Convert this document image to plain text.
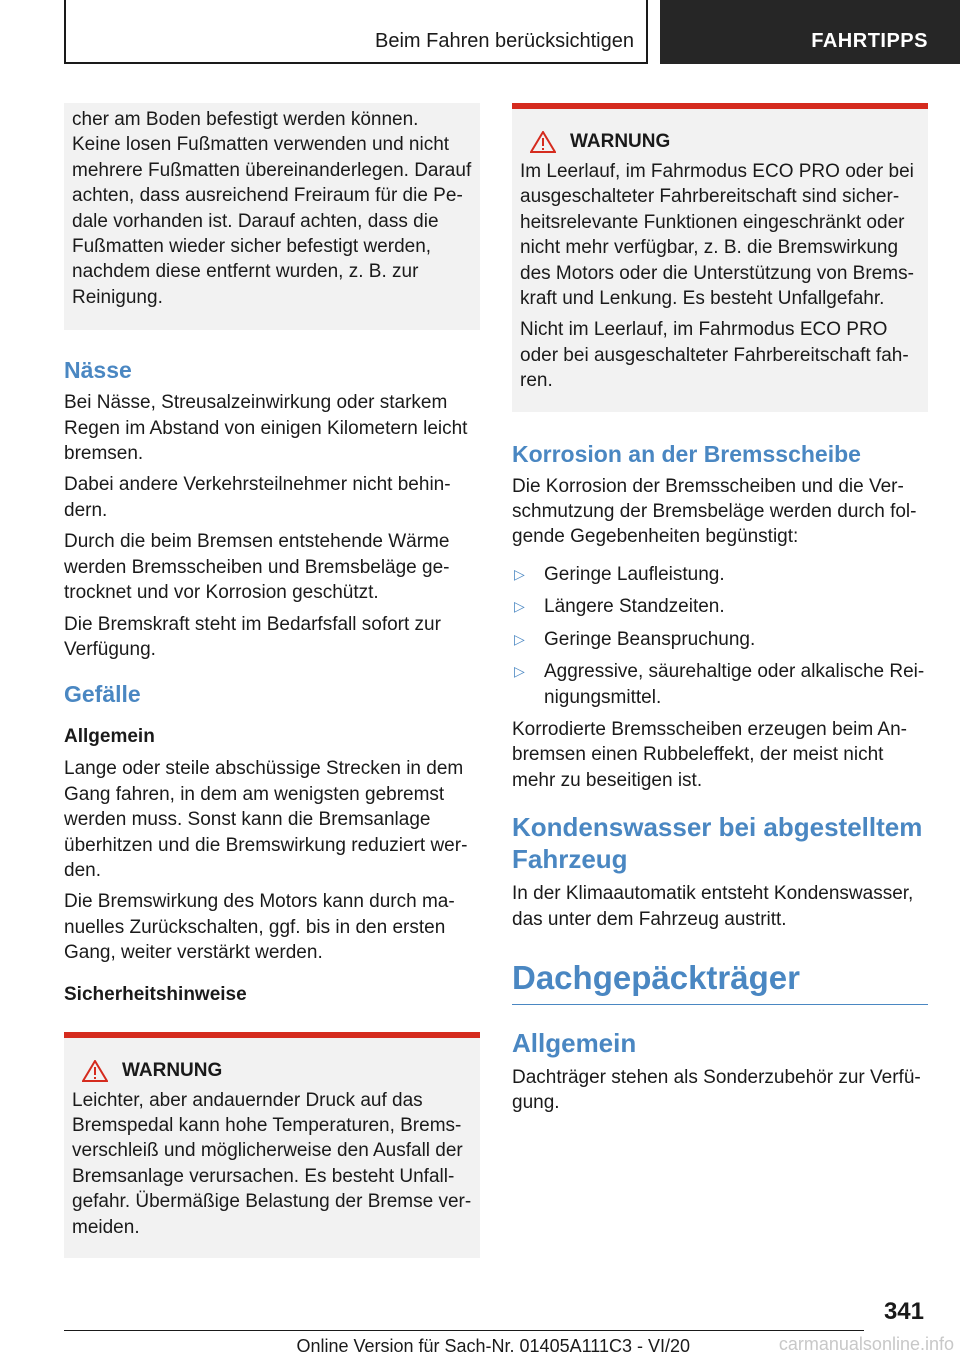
Beim Fahren berücksichtigen	FAHRTIPPS

cher am Boden befestigt werden können. Keine losen Fußmatten verwenden und nicht mehrere Fußmatten übereinanderlegen. Darauf achten, dass ausreichend Freiraum für die Pedale vorhanden ist. Darauf achten, dass die Fußmatten wieder sicher befestigt werden, nachdem diese entfernt wurden, z. B. zur Reinigung.

Nässe

Bei Nässe, Streusalzeinwirkung oder starkem Regen im Abstand von einigen Kilometern leicht bremsen.

Dabei andere Verkehrsteilnehmer nicht behindern.

Durch die beim Bremsen entstehende Wärme werden Bremsscheiben und Bremsbeläge getrocknet und vor Korrosion geschützt.

Die Bremskraft steht im Bedarfsfall sofort zur Verfügung.

Gefälle
Allgemein

Lange oder steile abschüssige Strecken in dem Gang fahren, in dem am wenigsten gebremst werden muss. Sonst kann die Bremsanlage überhitzen und die Bremswirkung reduziert werden.

Die Bremswirkung des Motors kann durch manuelles Zurückschalten, ggf. bis in den ersten Gang, weiter verstärkt werden.

Sicherheitshinweise
WARNUNG

Leichter, aber andauernder Druck auf das Bremspedal kann hohe Temperaturen, Bremsverschleiß und möglicherweise den Ausfall der Bremsanlage verursachen. Es besteht Unfallgefahr. Übermäßige Belastung der Bremse vermeiden.

WARNUNG

Im Leerlauf, im Fahrmodus ECO PRO oder bei ausgeschalteter Fahrbereitschaft sind sicherheitsrelevante Funktionen eingeschränkt oder nicht mehr verfügbar, z. B. die Bremswirkung des Motors oder die Unterstützung von Bremskraft und Lenkung. Es besteht Unfallgefahr.

Nicht im Leerlauf, im Fahrmodus ECO PRO oder bei ausgeschalteter Fahrbereitschaft fahren.

Korrosion an der Bremsscheibe

Die Korrosion der Bremsscheiben und die Verschmutzung der Bremsbeläge werden durch folgende Gegebenheiten begünstigt:

▷	Geringe Laufleistung.
▷	Längere Standzeiten.
▷	Geringe Beanspruchung.
▷	Aggressive, säurehaltige oder alkalische Reinigungsmittel.

Korrodierte Bremsscheiben erzeugen beim Anbremsen einen Rubbeleffekt, der meist nicht mehr zu beseitigen ist.

Kondenswasser bei abgestelltem Fahrzeug

In der Klimaautomatik entsteht Kondenswasser, das unter dem Fahrzeug austritt.

Dachgepäckträger
Allgemein

Dachträger stehen als Sonderzubehör zur Verfügung.

341
Online Version für Sach-Nr. 01405A111C3 - VI/20	carmanualsonline.info
